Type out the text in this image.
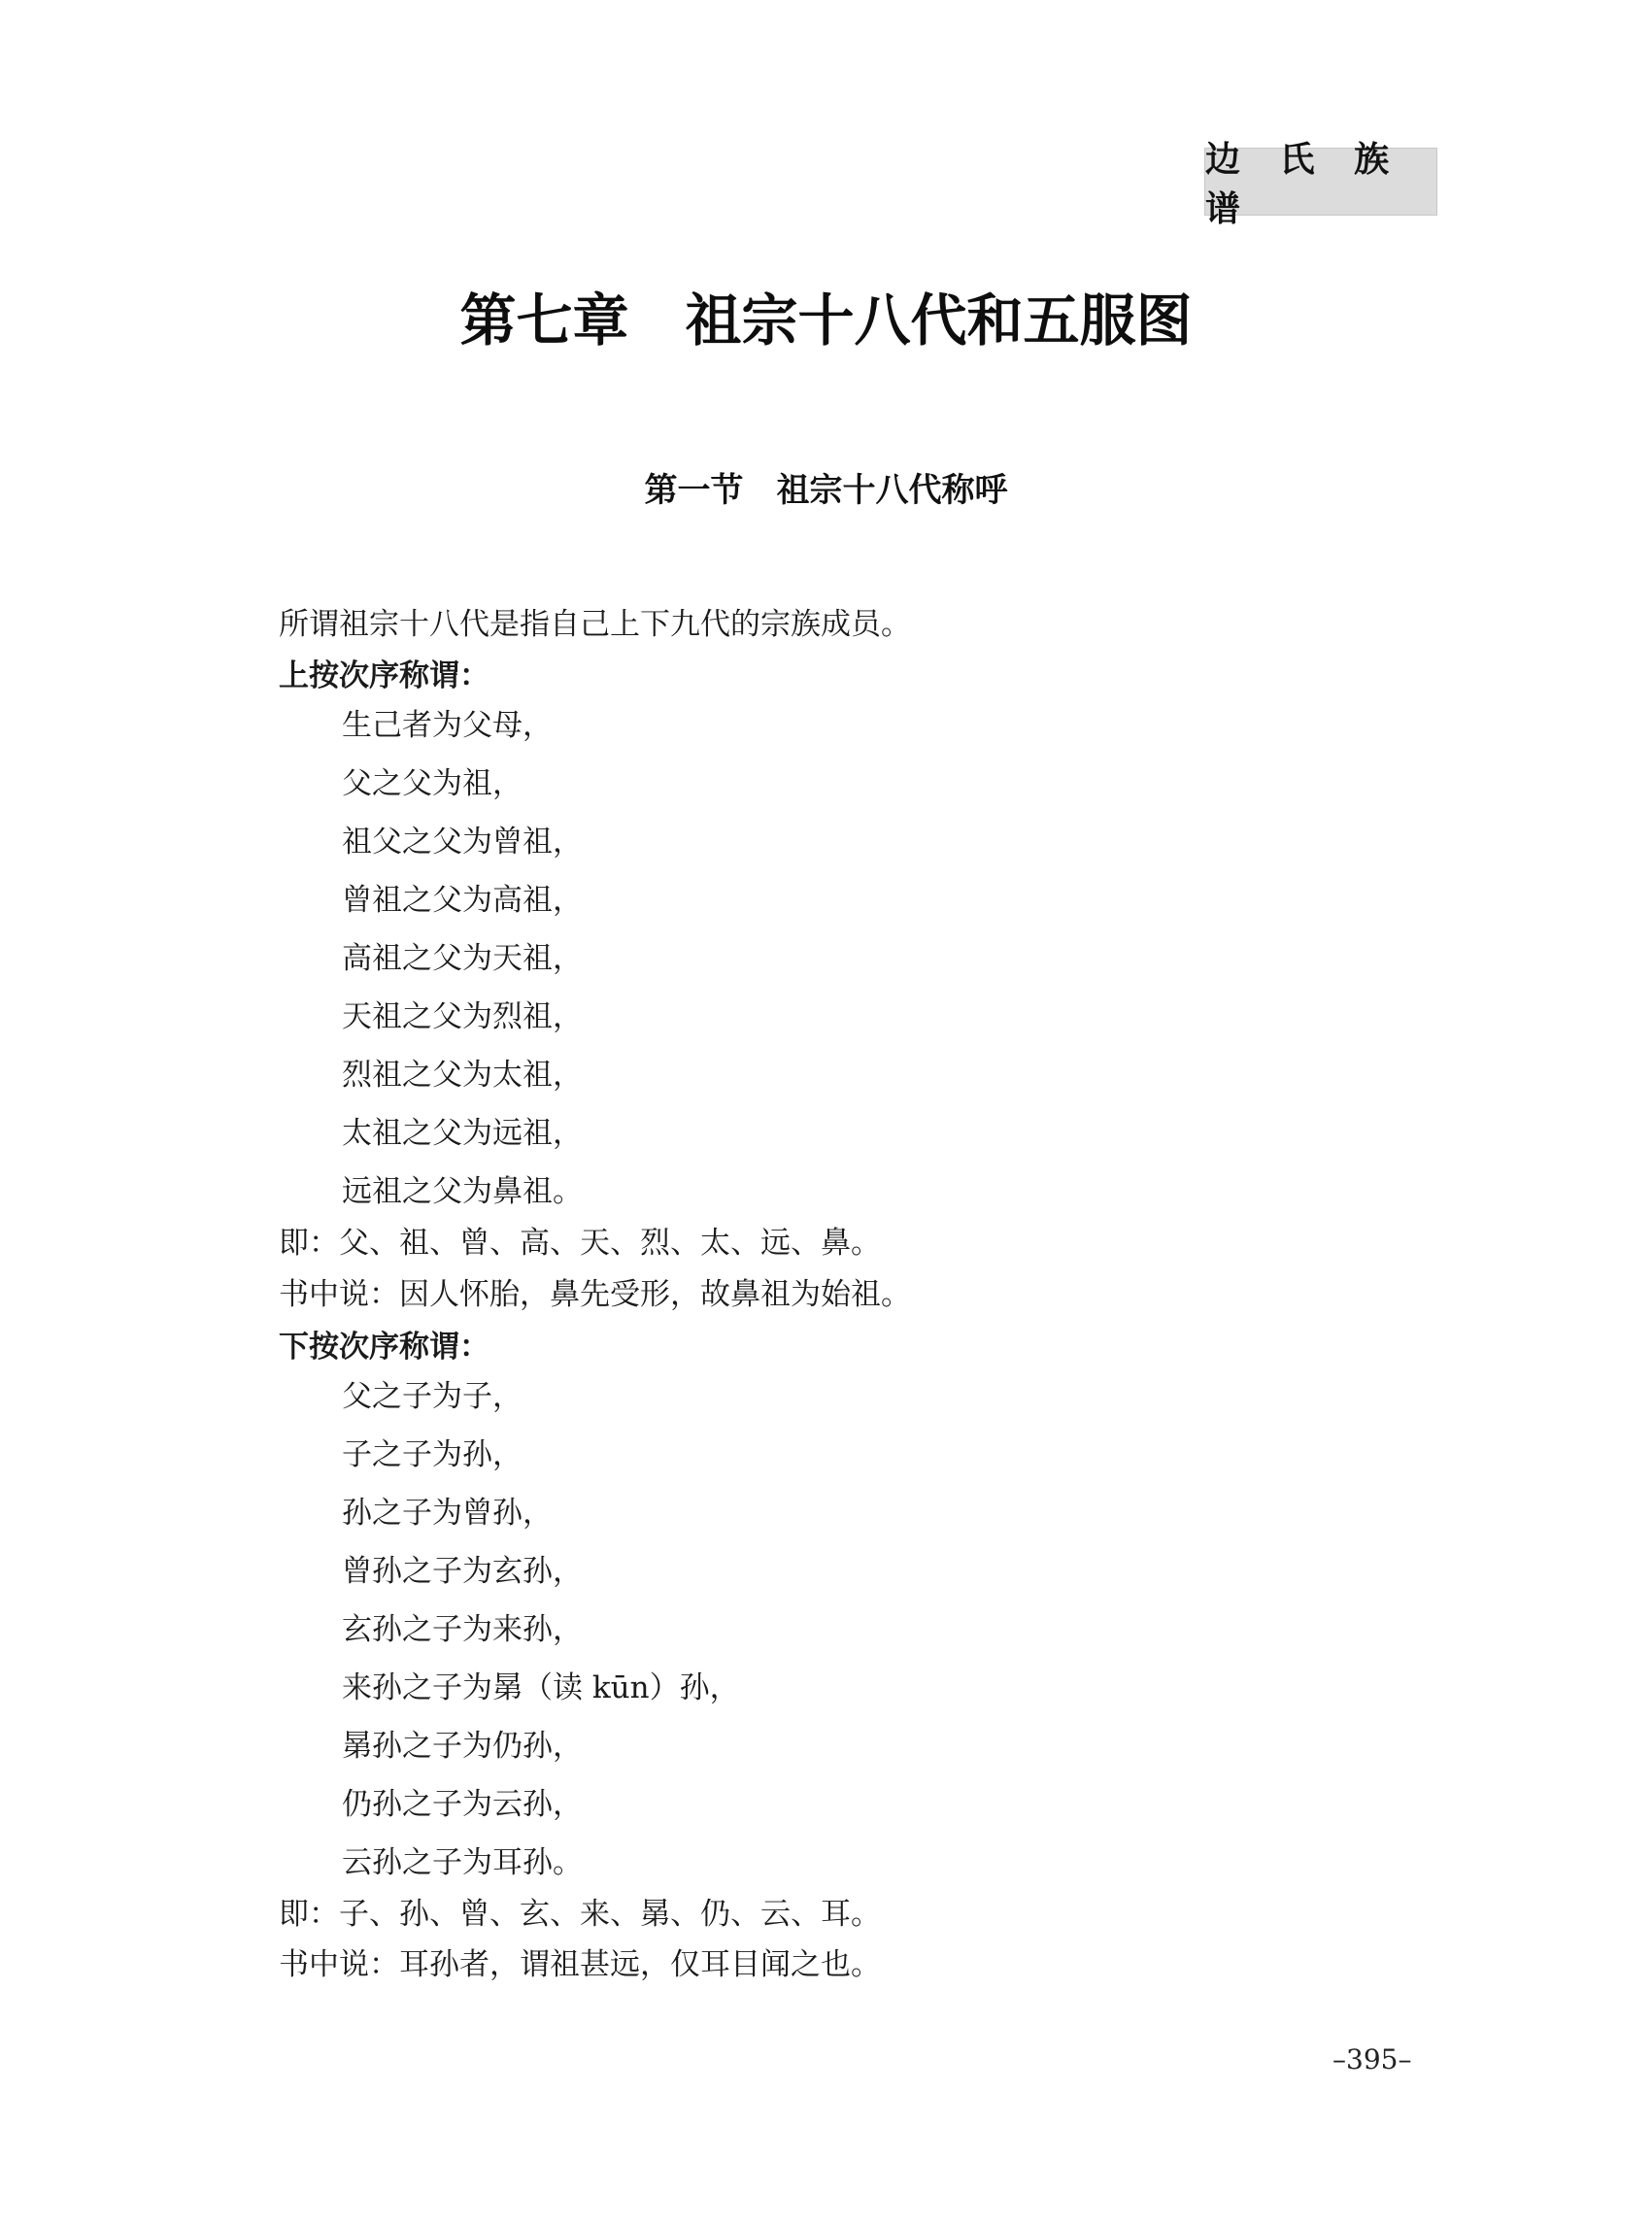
边 氏 族 谱
第七章　祖宗十八代和五服图
第一节　祖宗十八代称呼
所谓祖宗十八代是指自己上下九代的宗族成员。
上按次序称谓：
生己者为父母，
父之父为祖，
祖父之父为曾祖，
曾祖之父为高祖，
高祖之父为天祖，
天祖之父为烈祖，
烈祖之父为太祖，
太祖之父为远祖，
远祖之父为鼻祖。
即：父、祖、曾、高、天、烈、太、远、鼻。
书中说：因人怀胎，鼻先受形，故鼻祖为始祖。
下按次序称谓：
父之子为子，
子之子为孙，
孙之子为曾孙，
曾孙之子为玄孙，
玄孙之子为来孙，
来孙之子为晜（读 kūn）孙，
晜孙之子为仍孙，
仍孙之子为云孙，
云孙之子为耳孙。
即：子、孙、曾、玄、来、晜、仍、云、耳。
书中说：耳孙者，谓祖甚远，仅耳目闻之也。
–395–
